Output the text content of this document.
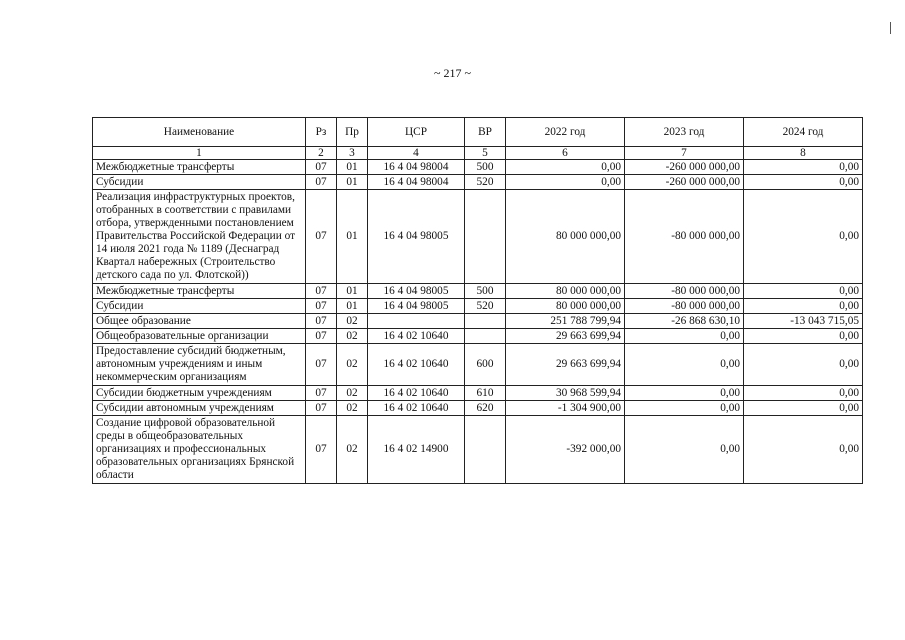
~ 217 ~
Наименование	Рз	Пр	ЦСР	ВР	2022 год	2023 год	2024 год
1	2	3	4	5	6	7	8
Межбюджетные трансферты	07	01	16 4 04 98004	500	0,00	-260 000 000,00	0,00
Субсидии	07	01	16 4 04 98004	520	0,00	-260 000 000,00	0,00
Реализация инфраструктурных проектов, отобранных в соответствии с правилами отбора, утвержденными постановлением Правительства Российской Федерации от 14 июля 2021 года № 1189 (Деснаград Квартал набережных (Строительство детского сада по ул. Флотской))	07	01	16 4 04 98005		80 000 000,00	-80 000 000,00	0,00
Межбюджетные трансферты	07	01	16 4 04 98005	500	80 000 000,00	-80 000 000,00	0,00
Субсидии	07	01	16 4 04 98005	520	80 000 000,00	-80 000 000,00	0,00
Общее образование	07	02			251 788 799,94	-26 868 630,10	-13 043 715,05
Общеобразовательные организации	07	02	16 4 02 10640		29 663 699,94	0,00	0,00
Предоставление субсидий бюджетным, автономным учреждениям и иным некоммерческим организациям	07	02	16 4 02 10640	600	29 663 699,94	0,00	0,00
Субсидии бюджетным учреждениям	07	02	16 4 02 10640	610	30 968 599,94	0,00	0,00
Субсидии автономным учреждениям	07	02	16 4 02 10640	620	-1 304 900,00	0,00	0,00
Создание цифровой образовательной среды в общеобразовательных организациях и профессиональных образовательных организациях Брянской области	07	02	16 4 02 14900		-392 000,00	0,00	0,00
